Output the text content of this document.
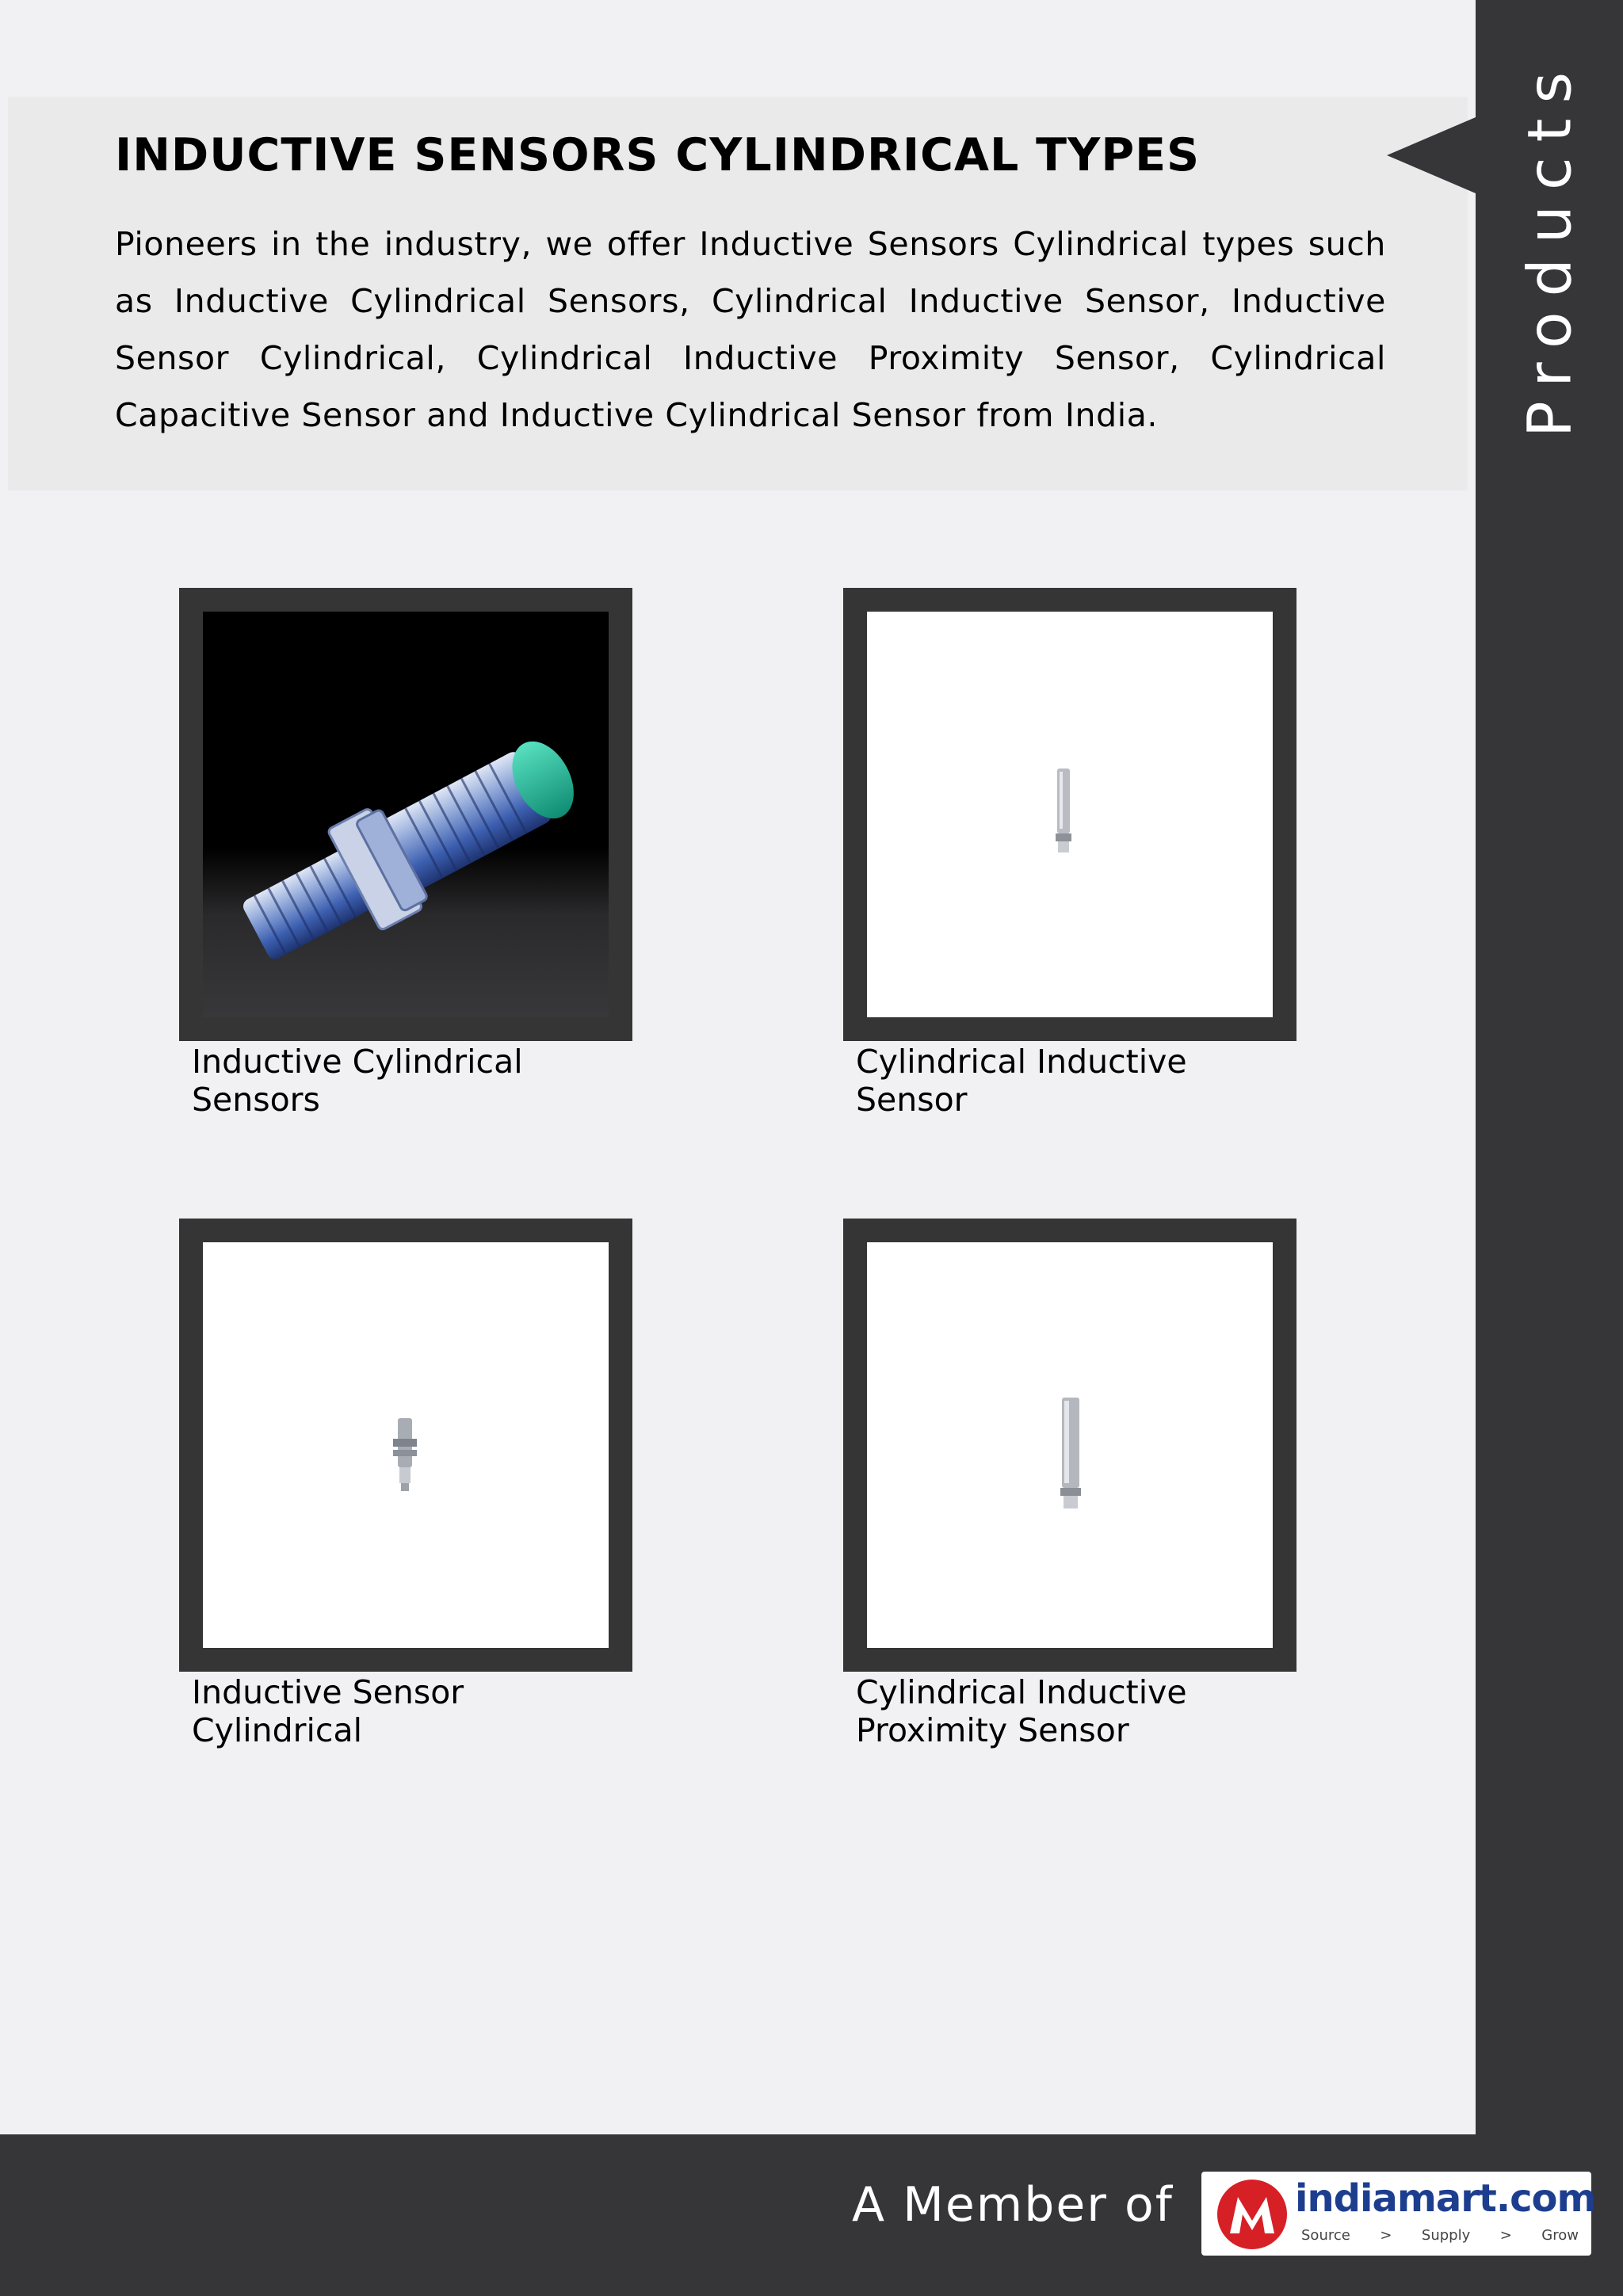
INDUCTIVE SENSORS CYLINDRICAL TYPES

Pioneers in the industry, we offer Inductive Sensors Cylindrical types such as Inductive Cylindrical Sensors, Cylindrical Inductive Sensor, Inductive Sensor Cylindrical, Cylindrical Inductive Proximity Sensor, Cylindrical Capacitive Sensor and Inductive Cylindrical Sensor from India.	Products

Inductive Cylindrical Sensors

Cylindrical Inductive Sensor

Inductive Sensor Cylindrical

Cylindrical Inductive Proximity Sensor

A Member of	indiamart.com
Source > Supply > Grow
